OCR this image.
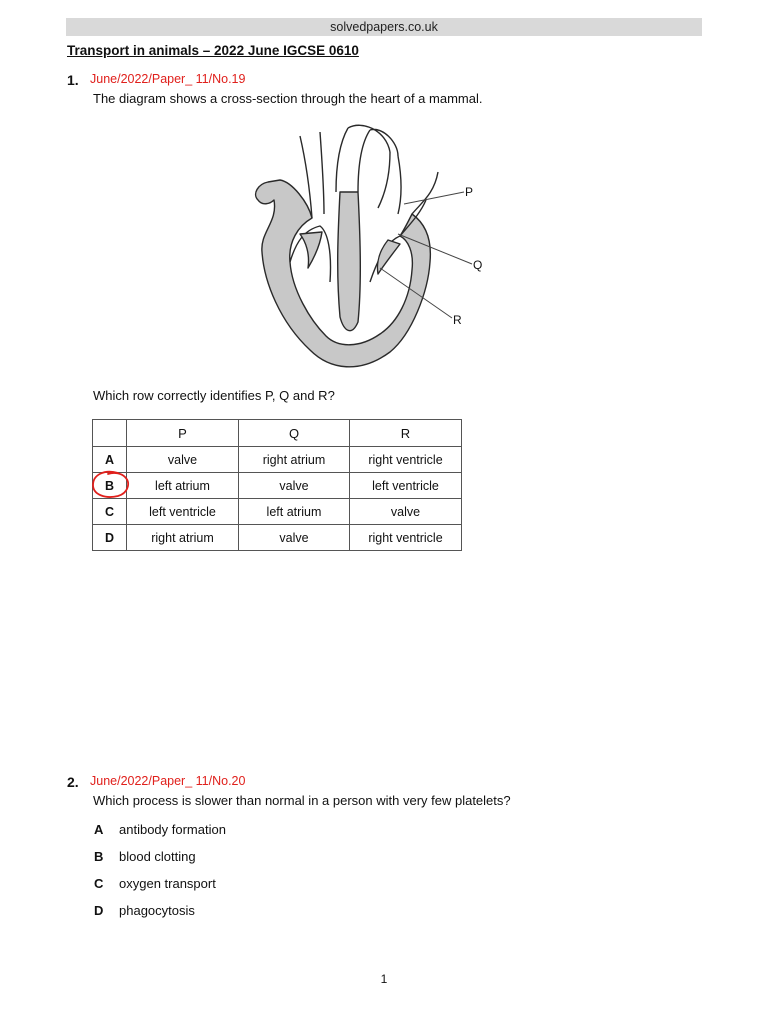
solvedpapers.co.uk
Transport in animals – 2022 June IGCSE 0610
1. June/2022/Paper_ 11/No.19
The diagram shows a cross-section through the heart of a mammal.
P
Q
R
Which row correctly identifies P, Q and R?
	P	Q	R
A	valve	right atrium	right ventricle
B	left atrium	valve	left ventricle
C	left ventricle	left atrium	valve
D	right atrium	valve	right ventricle
2. June/2022/Paper_ 11/No.20
Which process is slower than normal in a person with very few platelets?
A antibody formation
B blood clotting
C oxygen transport
D phagocytosis
1
